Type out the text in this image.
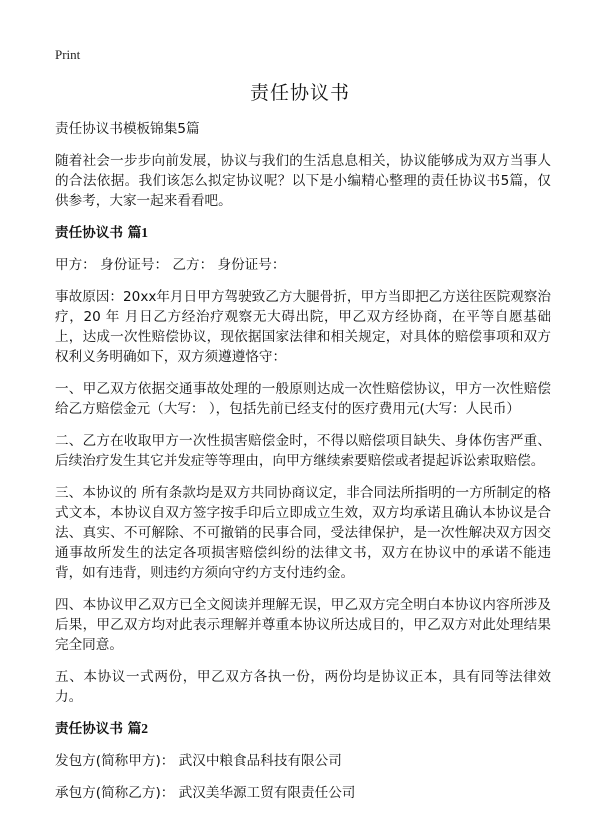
Print
责任协议书

责任协议书模板锦集5篇

随着社会一步步向前发展，协议与我们的生活息息相关，协议能够成为双方当事人的合法依据。我们该怎么拟定协议呢？以下是小编精心整理的责任协议书5篇，仅供参考，大家一起来看看吧。

责任协议书 篇1

甲方： 身份证号： 乙方： 身份证号：

事故原因：20xx年月日甲方驾驶致乙方大腿骨折，甲方当即把乙方送往医院观察治疗，20 年 月日乙方经治疗观察无大碍出院，甲乙双方经协商，在平等自愿基础上，达成一次性赔偿协议，现依据国家法律和相关规定，对具体的赔偿事项和双方权利义务明确如下，双方须遵遵恪守：

一、甲乙双方依据交通事故处理的一般原则达成一次性赔偿协议，甲方一次性赔偿给乙方赔偿金元（大写： ），包括先前已经支付的医疗费用元(大写：人民币）

二、乙方在收取甲方一次性损害赔偿金时，不得以赔偿项目缺失、身体伤害严重、后续治疗发生其它并发症等等理由，向甲方继续索要赔偿或者提起诉讼索取赔偿。

三、本协议的 所有条款均是双方共同协商议定，非合同法所指明的一方所制定的格式文本，本协议自双方签字按手印后立即成立生效，双方均承诺且确认本协议是合法、真实、不可解除、不可撤销的民事合同，受法律保护，是一次性解决双方因交通事故所发生的法定各项损害赔偿纠纷的法律文书，双方在协议中的承诺不能违背，如有违背，则违约方须向守约方支付违约金。

四、本协议甲乙双方已全文阅读并理解无误，甲乙双方完全明白本协议内容所涉及后果，甲乙双方均对此表示理解并尊重本协议所达成目的，甲乙双方对此处理结果完全同意。

五、本协议一式两份，甲乙双方各执一份，两份均是协议正本，具有同等法律效力。

责任协议书 篇2

发包方(简称甲方)： 武汉中粮食品科技有限公司

承包方(简称乙方)： 武汉美华源工贸有限责任公司
